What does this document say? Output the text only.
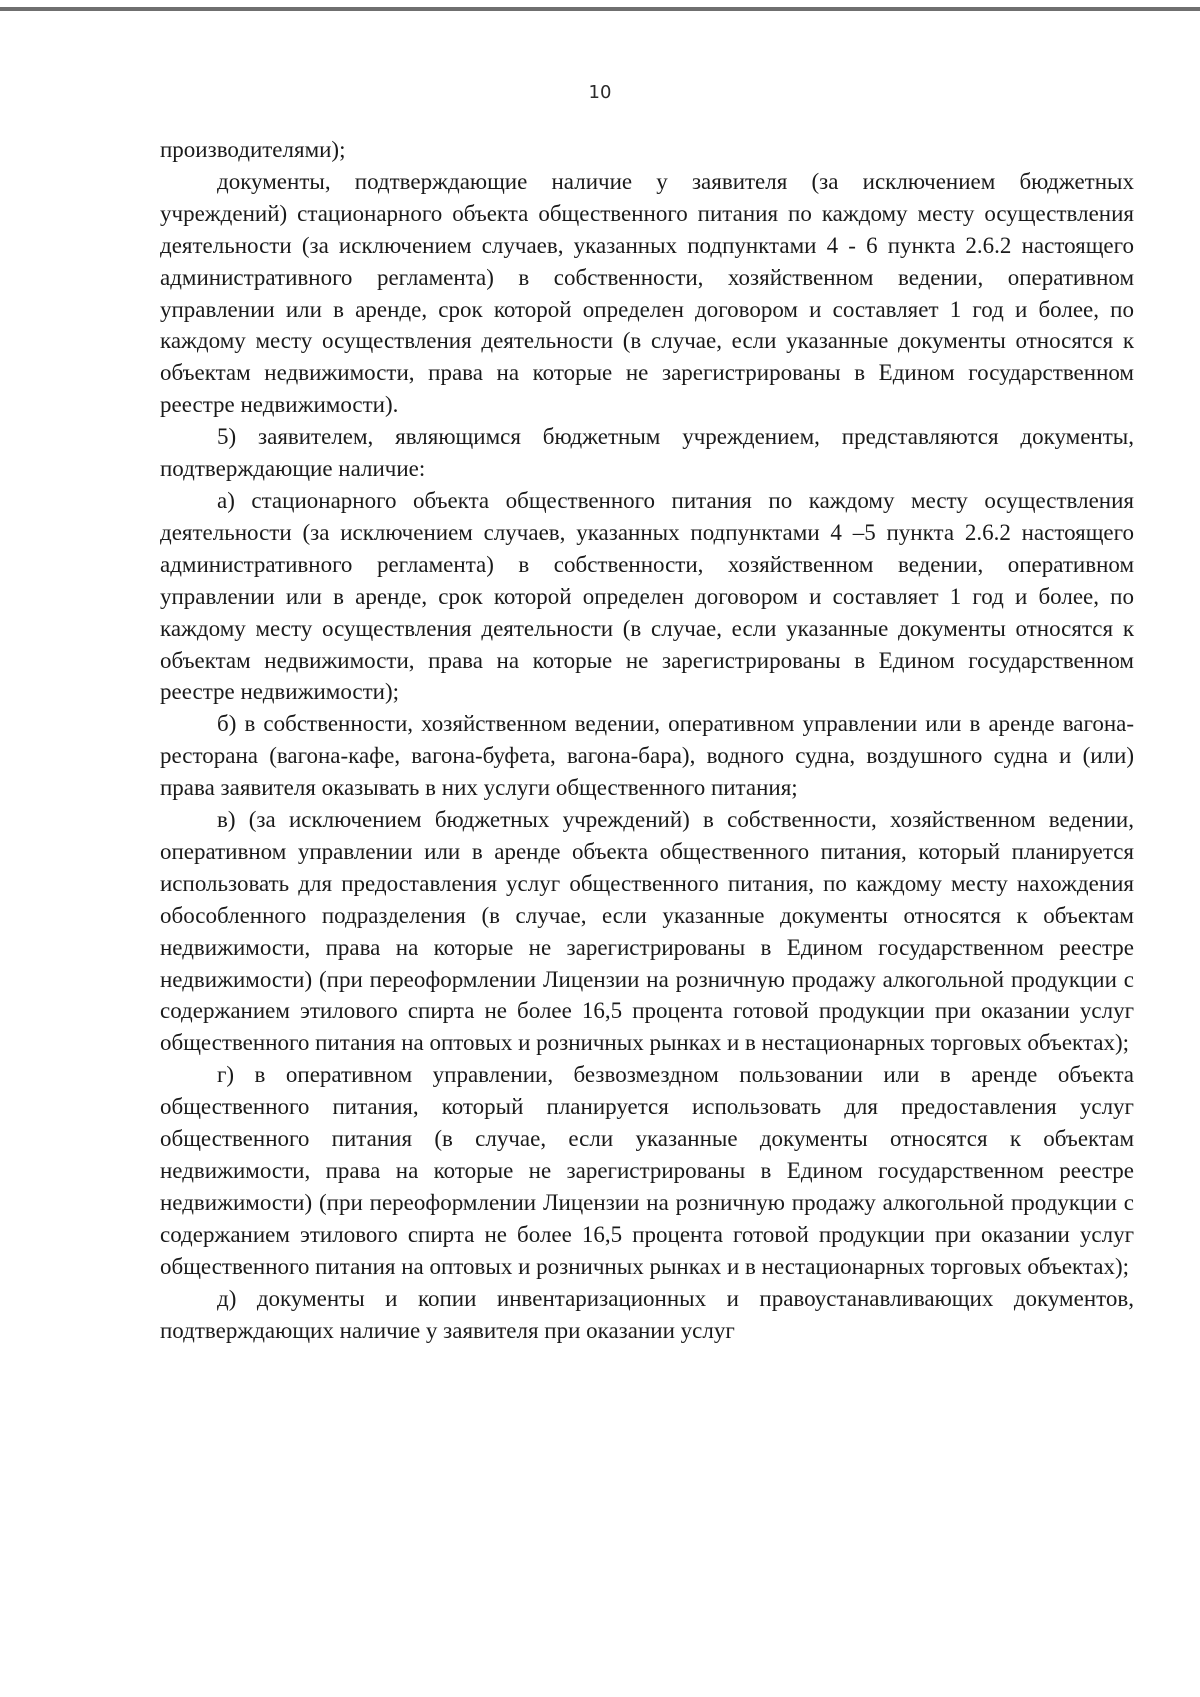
10

производителями);

документы, подтверждающие наличие у заявителя (за исключением бюджетных учреждений) стационарного объекта общественного питания по каждому месту осуществления деятельности (за исключением случаев, указанных подпунктами 4 - 6 пункта 2.6.2 настоящего административного регламента) в собственности, хозяйственном ведении, оперативном управлении или в аренде, срок которой определен договором и составляет 1 год и более, по каждому месту осуществления деятельности (в случае, если указанные документы относятся к объектам недвижимости, права на которые не зарегистрированы в Едином государственном реестре недвижимости).

5) заявителем, являющимся бюджетным учреждением, представляются документы, подтверждающие наличие:

а) стационарного объекта общественного питания по каждому месту осуществления деятельности (за исключением случаев, указанных подпунктами 4 –5 пункта 2.6.2 настоящего административного регламента) в собственности, хозяйственном ведении, оперативном управлении или в аренде, срок которой определен договором и составляет 1 год и более, по каждому месту осуществления деятельности (в случае, если указанные документы относятся к объектам недвижимости, права на которые не зарегистрированы в Едином государственном реестре недвижимости);

б) в собственности, хозяйственном ведении, оперативном управлении или в аренде вагона-ресторана (вагона-кафе, вагона-буфета, вагона-бара), водного судна, воздушного судна и (или) права заявителя оказывать в них услуги общественного питания;

в) (за исключением бюджетных учреждений) в собственности, хозяйственном ведении, оперативном управлении или в аренде объекта общественного питания, который планируется использовать для предоставления услуг общественного питания, по каждому месту нахождения обособленного подразделения (в случае, если указанные документы относятся к объектам недвижимости, права на которые не зарегистрированы в Едином государственном реестре недвижимости) (при переоформлении Лицензии на розничную продажу алкогольной продукции с содержанием этилового спирта не более 16,5 процента готовой продукции при оказании услуг общественного питания на оптовых и розничных рынках и в нестационарных торговых объектах);

г) в оперативном управлении, безвозмездном пользовании или в аренде объекта общественного питания, который планируется использовать для предоставления услуг общественного питания (в случае, если указанные документы относятся к объектам недвижимости, права на которые не зарегистрированы в Едином государственном реестре недвижимости) (при переоформлении Лицензии на розничную продажу алкогольной продукции с содержанием этилового спирта не более 16,5 процента готовой продукции при оказании услуг общественного питания на оптовых и розничных рынках и в нестационарных торговых объектах);

д) документы и копии инвентаризационных и правоустанавливающих документов, подтверждающих наличие у заявителя при оказании услуг
